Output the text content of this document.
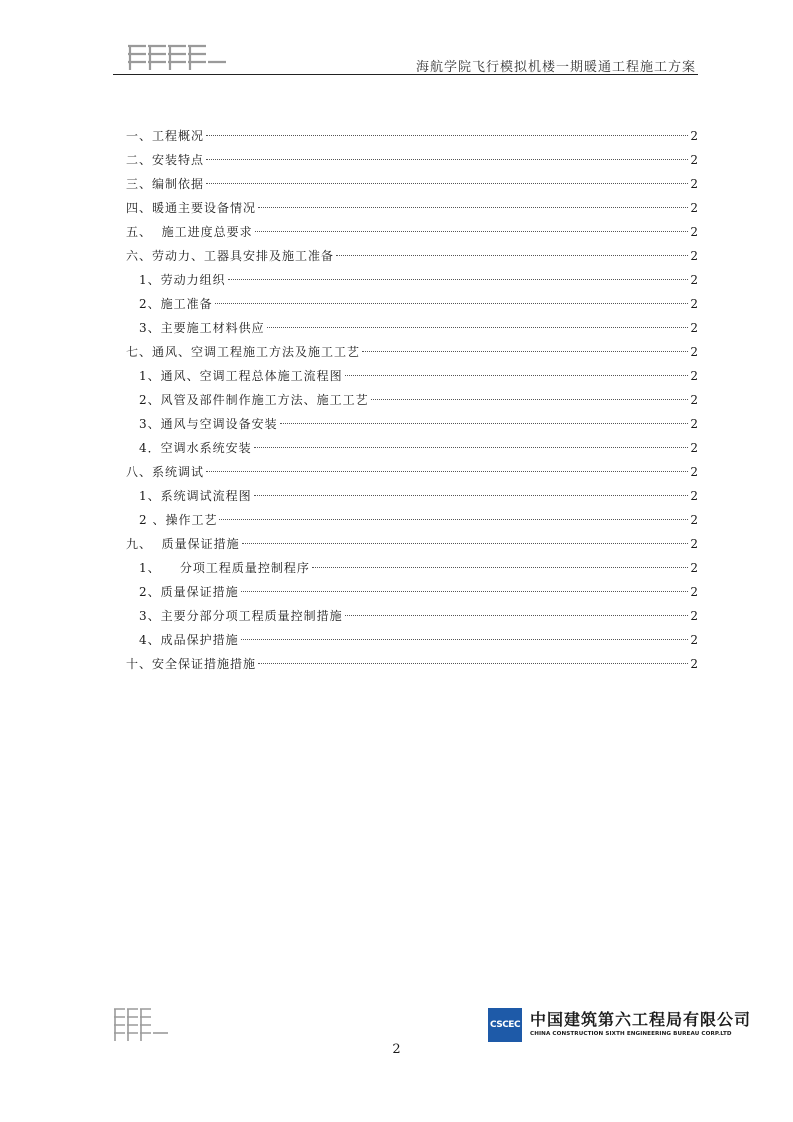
海航学院飞行模拟机楼一期暖通工程施工方案
一、工程概况	2
二、安装特点	2
三、编制依据	2
四、暖通主要设备情况	2
五、  施工进度总要求	2
六、劳动力、工器具安排及施工准备	2
1、劳动力组织	2
2、施工准备	2
3、主要施工材料供应	2
七、通风、空调工程施工方法及施工工艺	2
1、通风、空调工程总体施工流程图	2
2、风管及部件制作施工方法、施工工艺	2
3、通风与空调设备安装	2
4．空调水系统安装	2
八、系统调试	2
1、系统调试流程图	2
2 、操作工艺	2
九、  质量保证措施	2
1、    分项工程质量控制程序	2
2、质量保证措施	2
3、主要分部分项工程质量控制措施	2
4、成品保护措施	2
十、安全保证措施措施	2
CSCEC 中国建筑第六工程局有限公司
CHINA CONSTRUCTION SIXTH ENGINEERING BUREAU CORP.LTD
2
